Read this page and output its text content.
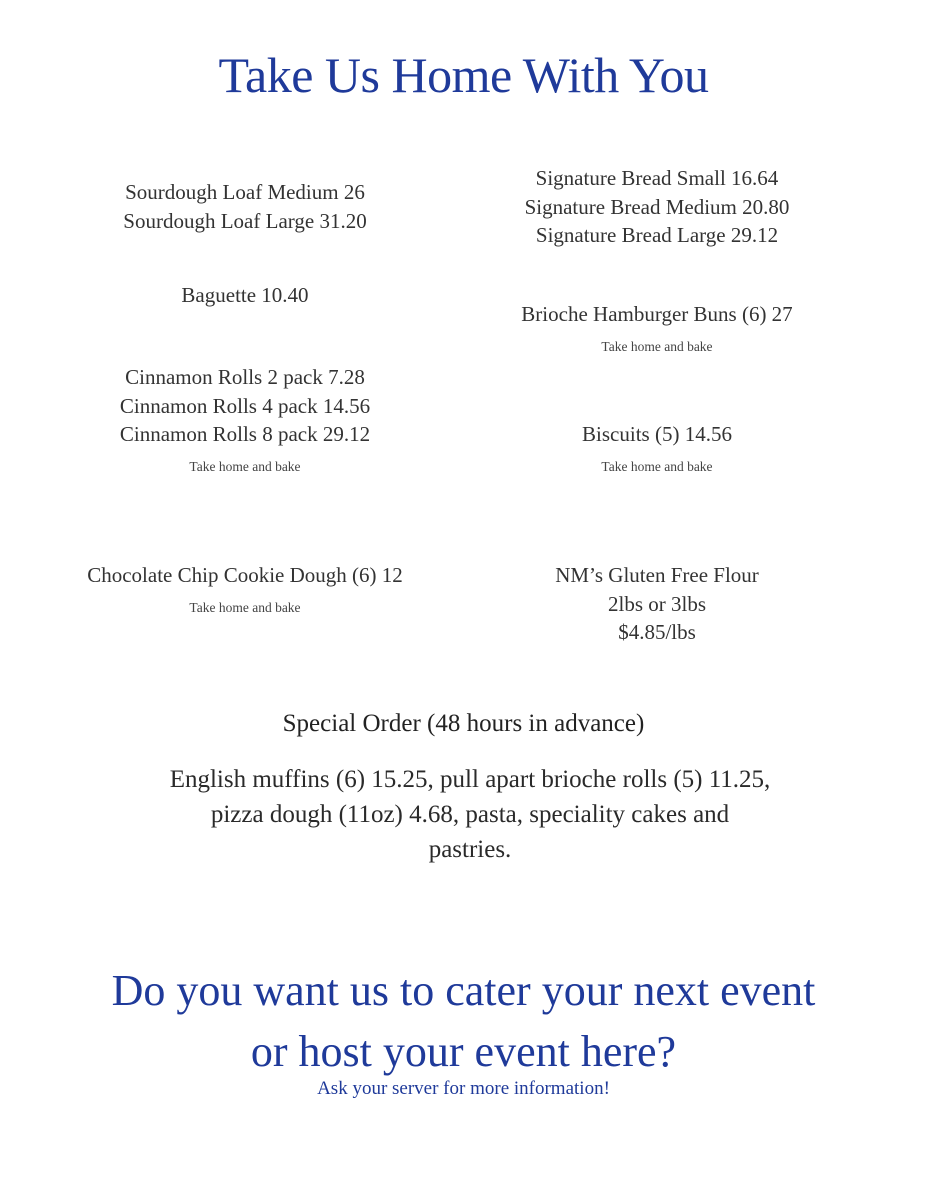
Take Us Home With You
Sourdough Loaf Medium 26
Sourdough Loaf Large 31.20
Baguette 10.40
Cinnamon Rolls 2 pack 7.28
Cinnamon Rolls 4 pack 14.56
Cinnamon Rolls 8 pack 29.12
Take home and bake
Chocolate Chip Cookie Dough (6) 12
Take home and bake
Signature Bread Small 16.64
Signature Bread Medium 20.80
Signature Bread Large 29.12
Brioche Hamburger Buns (6) 27
Take home and bake
Biscuits (5) 14.56
Take home and bake
NM’s Gluten Free Flour
2lbs or 3lbs
$4.85/lbs
Special Order (48 hours in advance)
English muffins (6) 15.25, pull apart brioche rolls (5) 11.25,
pizza dough (11oz) 4.68, pasta, speciality cakes and
pastries.
Do you want us to cater your next event
or host your event here?
Ask your server for more information!
